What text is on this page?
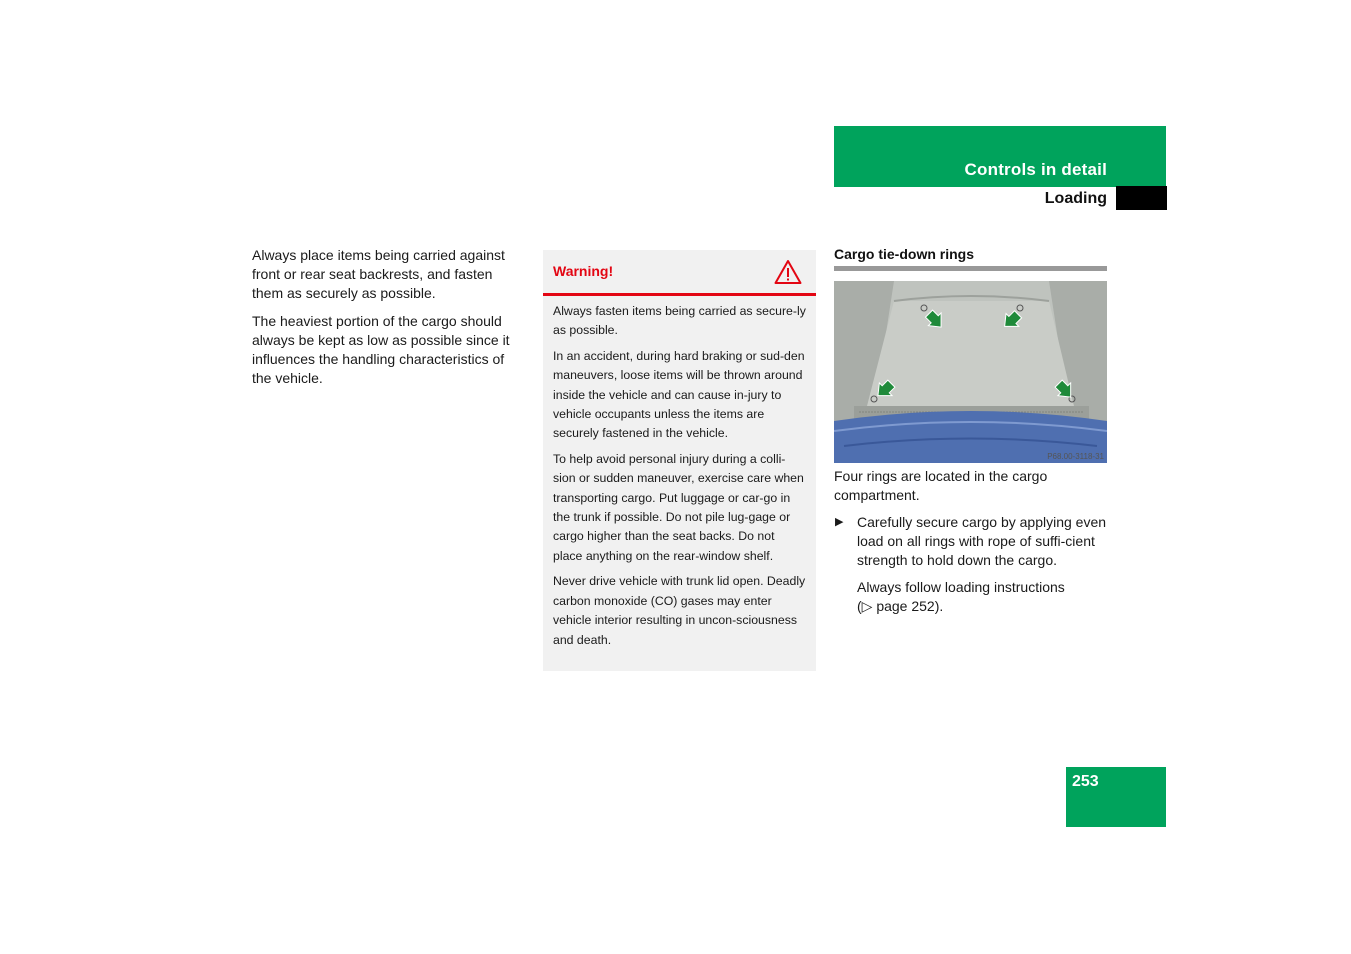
Controls in detail
Loading

Always place items being carried against front or rear seat backrests, and fasten them as securely as possible.

The heaviest portion of the cargo should always be kept as low as possible since it influences the handling characteristics of the vehicle.

Warning!

Always fasten items being carried as secure-ly as possible.

In an accident, during hard braking or sud-den maneuvers, loose items will be thrown around inside the vehicle and can cause in-jury to vehicle occupants unless the items are securely fastened in the vehicle.

To help avoid personal injury during a colli-sion or sudden maneuver, exercise care when transporting cargo. Put luggage or car-go in the trunk if possible. Do not pile lug-gage or cargo higher than the seat backs. Do not place anything on the rear-window shelf.

Never drive vehicle with trunk lid open. Deadly carbon monoxide (CO) gases may enter vehicle interior resulting in uncon-sciousness and death.

Cargo tie-down rings
P68.00-3118-31

Four rings are located in the cargo compartment.

▶ Carefully secure cargo by applying even load on all rings with rope of suffi-cient strength to hold down the cargo.

Always follow loading instructions
(▷ page 252).

253
